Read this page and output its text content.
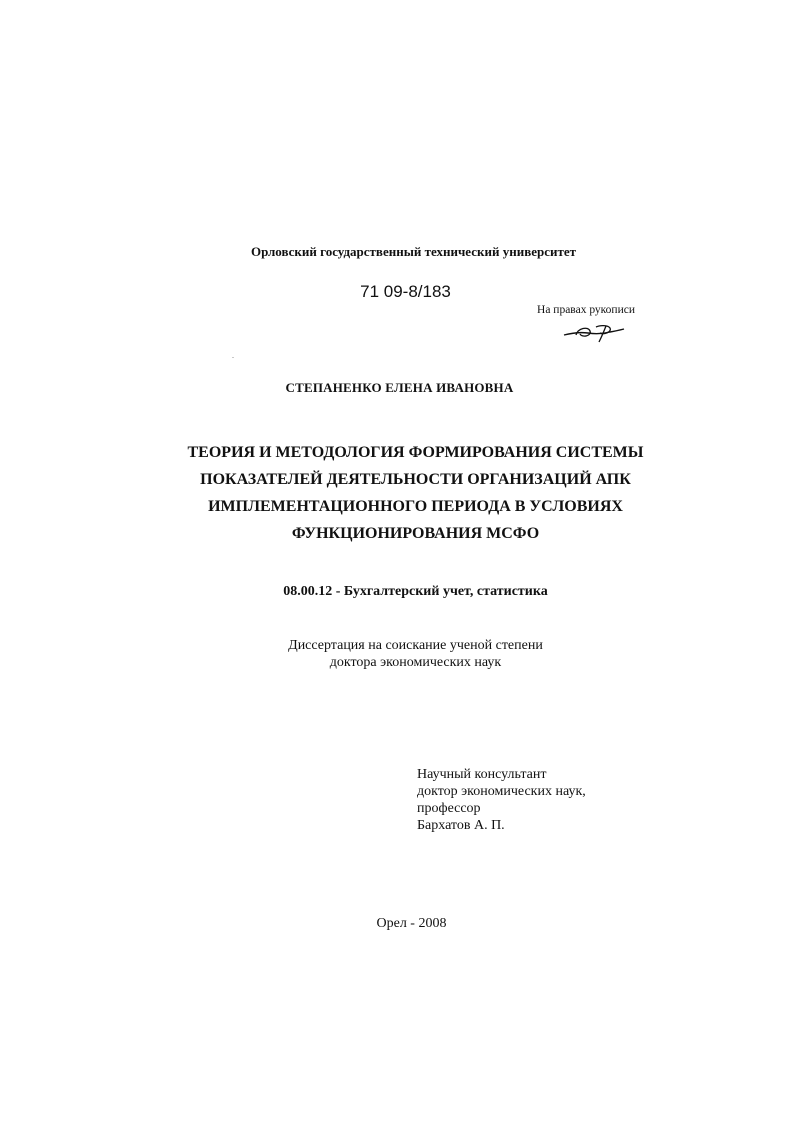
Орловский государственный технический университет
71 09-8/183
На правах рукописи
СТЕПАНЕНКО ЕЛЕНА ИВАНОВНА
ТЕОРИЯ И МЕТОДОЛОГИЯ ФОРМИРОВАНИЯ СИСТЕМЫ
ПОКАЗАТЕЛЕЙ ДЕЯТЕЛЬНОСТИ ОРГАНИЗАЦИЙ АПК
ИМПЛЕМЕНТАЦИОННОГО ПЕРИОДА В УСЛОВИЯХ
ФУНКЦИОНИРОВАНИЯ МСФО
08.00.12 - Бухгалтерский учет, статистика
Диссертация на соискание ученой степени
доктора экономических наук
Научный консультант
доктор экономических наук,
профессор
Бархатов А. П.
Орел - 2008
